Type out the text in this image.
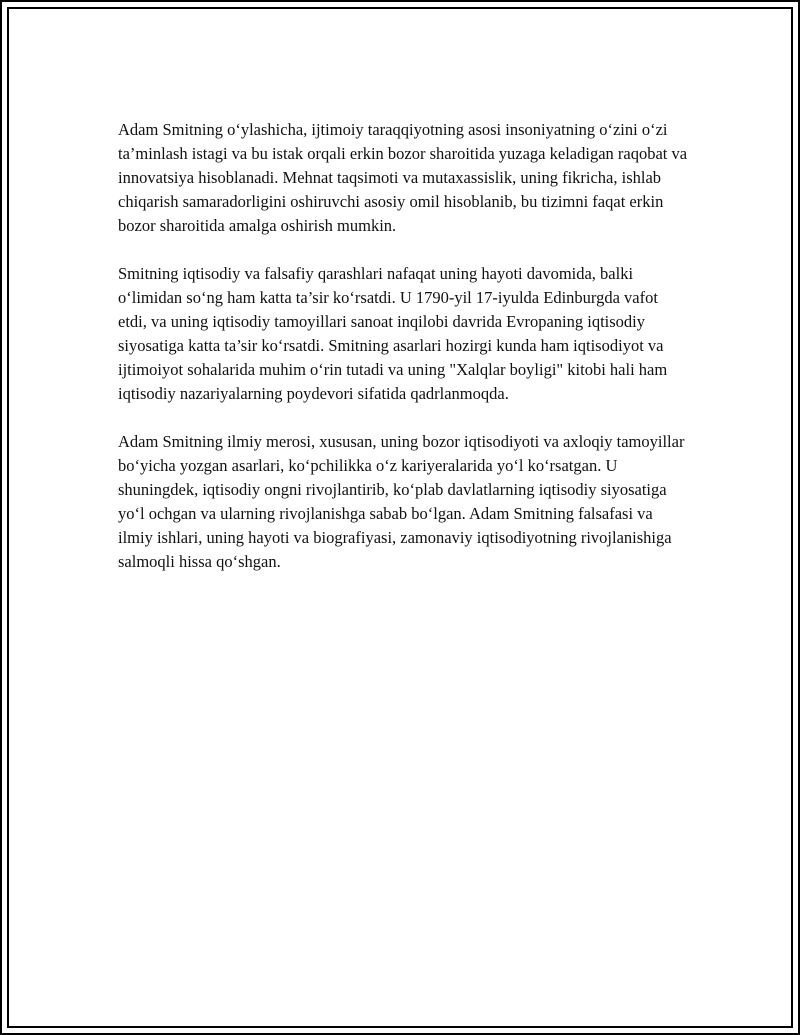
Adam Smitning o‘ylashicha, ijtimoiy taraqqiyotning asosi insoniyatning o‘zini o‘zi ta’minlash istagi va bu istak orqali erkin bozor sharoitida yuzaga keladigan raqobat va innovatsiya hisoblanadi. Mehnat taqsimoti va mutaxassislik, uning fikricha, ishlab chiqarish samaradorligini oshiruvchi asosiy omil hisoblanib, bu tizimni faqat erkin bozor sharoitida amalga oshirish mumkin.

Smitning iqtisodiy va falsafiy qarashlari nafaqat uning hayoti davomida, balki o‘limidan so‘ng ham katta ta’sir ko‘rsatdi. U 1790-yil 17-iyulda Edinburgda vafot etdi, va uning iqtisodiy tamoyillari sanoat inqilobi davrida Evropaning iqtisodiy siyosatiga katta ta’sir ko‘rsatdi. Smitning asarlari hozirgi kunda ham iqtisodiyot va ijtimoiyot sohalarida muhim o‘rin tutadi va uning "Xalqlar boyligi" kitobi hali ham iqtisodiy nazariyalarning poydevori sifatida qadrlanmoqda.

Adam Smitning ilmiy merosi, xususan, uning bozor iqtisodiyoti va axloqiy tamoyillar bo‘yicha yozgan asarlari, ko‘pchilikka o‘z kariyeralarida yo‘l ko‘rsatgan. U shuningdek, iqtisodiy ongni rivojlantirib, ko‘plab davlatlarning iqtisodiy siyosatiga yo‘l ochgan va ularning rivojlanishga sabab bo‘lgan. Adam Smitning falsafasi va ilmiy ishlari, uning hayoti va biografiyasi, zamonaviy iqtisodiyotning rivojlanishiga salmoqli hissa qo‘shgan.
